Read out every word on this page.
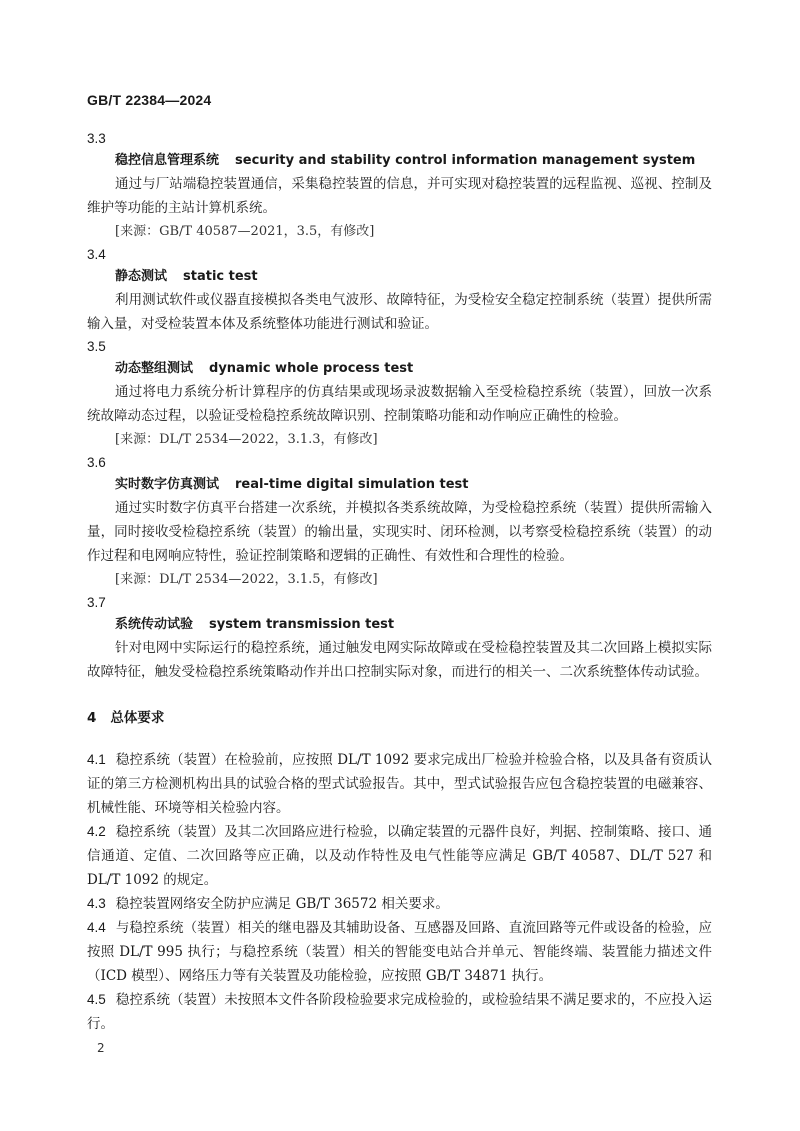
GB/T 22384—2024
3.3
稳控信息管理系统 security and stability control information management system

通过与厂站端稳控装置通信，采集稳控装置的信息，并可实现对稳控装置的远程监视、巡视、控制及维护等功能的主站计算机系统。

[来源：GB/T 40587—2021，3.5，有修改]
3.4
静态测试 static test

利用测试软件或仪器直接模拟各类电气波形、故障特征，为受检安全稳定控制系统（装置）提供所需输入量，对受检装置本体及系统整体功能进行测试和验证。

3.5
动态整组测试 dynamic whole process test

通过将电力系统分析计算程序的仿真结果或现场录波数据输入至受检稳控系统（装置），回放一次系统故障动态过程，以验证受检稳控系统故障识别、控制策略功能和动作响应正确性的检验。

[来源：DL/T 2534—2022，3.1.3，有修改]
3.6
实时数字仿真测试 real-time digital simulation test

通过实时数字仿真平台搭建一次系统，并模拟各类系统故障，为受检稳控系统（装置）提供所需输入量，同时接收受检稳控系统（装置）的输出量，实现实时、闭环检测，以考察受检稳控系统（装置）的动作过程和电网响应特性，验证控制策略和逻辑的正确性、有效性和合理性的检验。

[来源：DL/T 2534—2022，3.1.5，有修改]
3.7
系统传动试验 system transmission test

针对电网中实际运行的稳控系统，通过触发电网实际故障或在受检稳控装置及其二次回路上模拟实际故障特征，触发受检稳控系统策略动作并出口控制实际对象，而进行的相关一、二次系统整体传动试验。

4 总体要求

4.1 稳控系统（装置）在检验前，应按照 DL/T 1092 要求完成出厂检验并检验合格，以及具备有资质认证的第三方检测机构出具的试验合格的型式试验报告。其中，型式试验报告应包含稳控装置的电磁兼容、机械性能、环境等相关检验内容。

4.2 稳控系统（装置）及其二次回路应进行检验，以确定装置的元器件良好，判据、控制策略、接口、通信通道、定值、二次回路等应正确，以及动作特性及电气性能等应满足 GB/T 40587、DL/T 527 和 DL/T 1092 的规定。

4.3 稳控装置网络安全防护应满足 GB/T 36572 相关要求。

4.4 与稳控系统（装置）相关的继电器及其辅助设备、互感器及回路、直流回路等元件或设备的检验，应按照 DL/T 995 执行；与稳控系统（装置）相关的智能变电站合并单元、智能终端、装置能力描述文件（ICD 模型）、网络压力等有关装置及功能检验，应按照 GB/T 34871 执行。

4.5 稳控系统（装置）未按照本文件各阶段检验要求完成检验的，或检验结果不满足要求的，不应投入运行。

2
